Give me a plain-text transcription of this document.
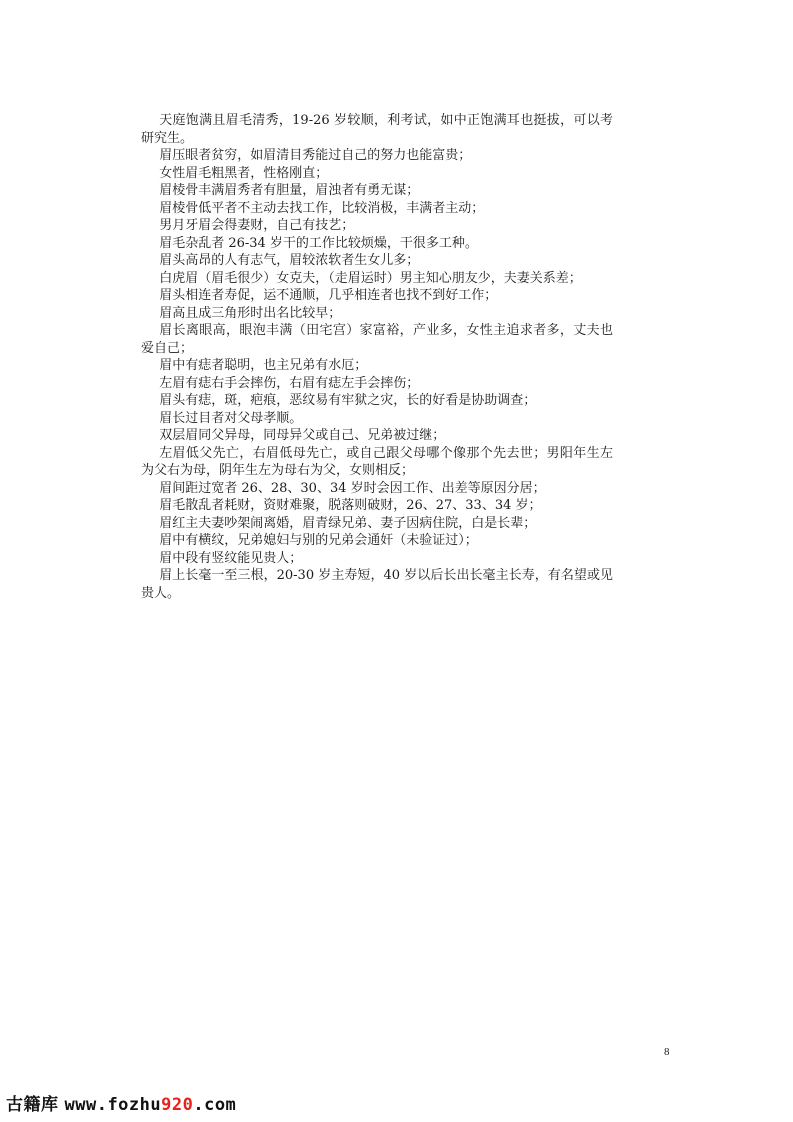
天庭饱满且眉毛清秀，19-26 岁较顺，利考试，如中正饱满耳也挺拔，可以考研究生。

眉压眼者贫穷，如眉清目秀能过自己的努力也能富贵；

女性眉毛粗黑者，性格刚直；

眉棱骨丰满眉秀者有胆量，眉浊者有勇无谋；

眉棱骨低平者不主动去找工作，比较消极，丰满者主动；

男月牙眉会得妻财，自己有技艺；

眉毛杂乱者 26-34 岁干的工作比较烦燥，干很多工种。

眉头高昂的人有志气，眉较浓软者生女儿多；

白虎眉（眉毛很少）女克夫，（走眉运时）男主知心朋友少，夫妻关系差；

眉头相连者寿促，运不通顺，几乎相连者也找不到好工作；

眉高且成三角形时出名比较早；

眉长离眼高，眼泡丰满（田宅宫）家富裕，产业多，女性主追求者多，丈夫也爱自己；

眉中有痣者聪明，也主兄弟有水厄；

左眉有痣右手会摔伤，右眉有痣左手会摔伤；

眉头有痣，斑，疤痕，恶纹易有牢狱之灾，长的好看是协助调查；

眉长过目者对父母孝顺。

双层眉同父异母，同母异父或自己、兄弟被过继；

左眉低父先亡，右眉低母先亡，或自己跟父母哪个像那个先去世；男阳年生左为父右为母，阴年生左为母右为父，女则相反；

眉间距过宽者 26、28、30、34 岁时会因工作、出差等原因分居；

眉毛散乱者耗财，资财难聚，脱落则破财，26、27、33、34 岁；

眉红主夫妻吵架闹离婚，眉青绿兄弟、妻子因病住院，白是长辈；

眉中有横纹，兄弟媳妇与别的兄弟会通奸（未验证过）；

眉中段有竖纹能见贵人；

眉上长毫一至三根，20-30 岁主寿短，40 岁以后长出长毫主长寿，有名望或见贵人。

8
古籍库 www.fozhu920.com
